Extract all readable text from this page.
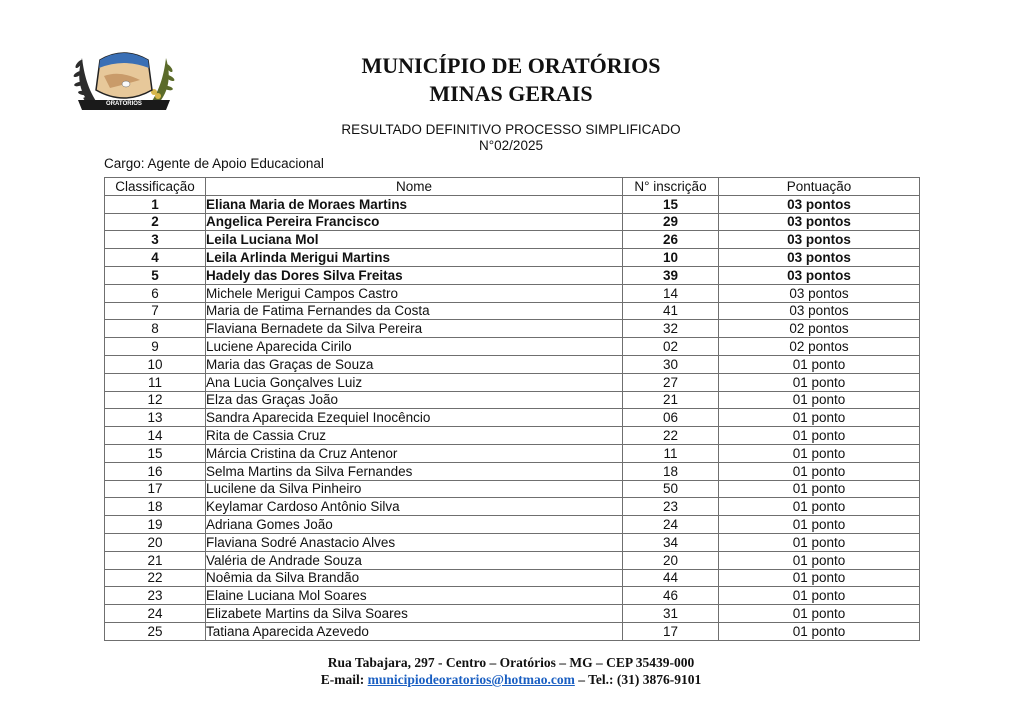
ORATÓRIOS
MUNICÍPIO DE ORATÓRIOS
MINAS GERAIS
RESULTADO DEFINITIVO PROCESSO SIMPLIFICADO
N°02/2025
Cargo: Agente de Apoio Educacional
Classificação	Nome	N° inscrição	Pontuação
1	Eliana Maria de Moraes Martins	15	03 pontos
2	Angelica Pereira Francisco	29	03 pontos
3	Leila Luciana Mol	26	03 pontos
4	Leila Arlinda Merigui Martins	10	03 pontos
5	Hadely das Dores Silva Freitas	39	03 pontos
6	Michele Merigui Campos Castro	14	03 pontos
7	Maria de Fatima Fernandes da Costa	41	03 pontos
8	Flaviana Bernadete da Silva Pereira	32	02 pontos
9	Luciene Aparecida Cirilo	02	02 pontos
10	Maria das Graças de Souza	30	01 ponto
11	Ana Lucia Gonçalves Luiz	27	01 ponto
12	Elza das Graças João	21	01 ponto
13	Sandra Aparecida Ezequiel Inocêncio	06	01 ponto
14	Rita de Cassia Cruz	22	01 ponto
15	Márcia Cristina da Cruz Antenor	11	01 ponto
16	Selma Martins da Silva Fernandes	18	01 ponto
17	Lucilene da Silva Pinheiro	50	01 ponto
18	Keylamar Cardoso Antônio Silva	23	01 ponto
19	Adriana Gomes João	24	01 ponto
20	Flaviana Sodré Anastacio Alves	34	01 ponto
21	Valéria de Andrade Souza	20	01 ponto
22	Noêmia da Silva Brandão	44	01 ponto
23	Elaine Luciana Mol Soares	46	01 ponto
24	Elizabete Martins da Silva Soares	31	01 ponto
25	Tatiana Aparecida Azevedo	17	01 ponto
Rua Tabajara, 297 - Centro – Oratórios – MG – CEP 35439-000
E-mail: municipiodeoratorios@hotmao.com – Tel.: (31) 3876-9101
